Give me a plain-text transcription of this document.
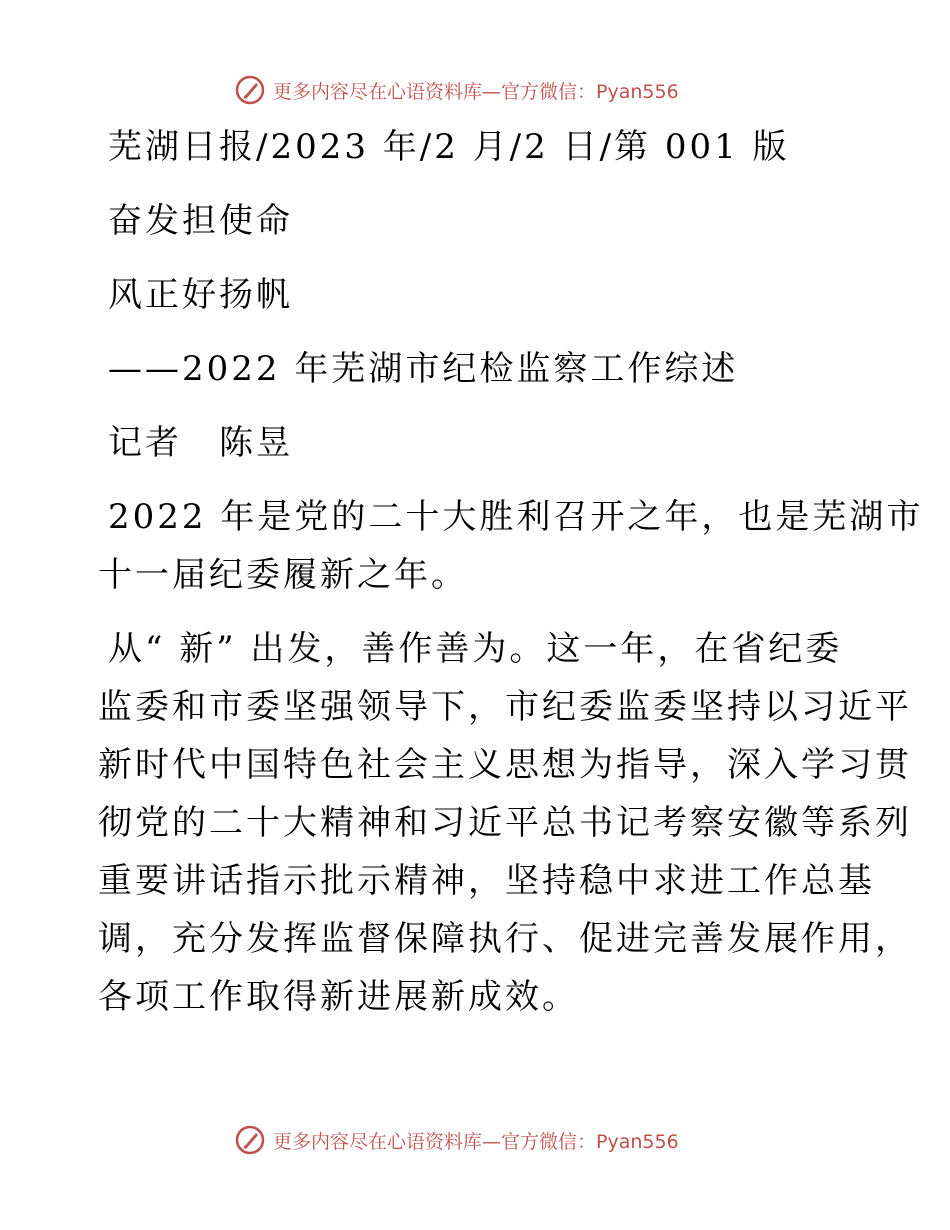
更多内容尽在心语资料库—官方微信：Pyan556
芜湖日报/2023 年/2 月/2 日/第 001 版
奋发担使命
风正好扬帆
——2022 年芜湖市纪检监察工作综述
记者　陈昱
2022 年是党的二十大胜利召开之年，也是芜湖市
十一届纪委履新之年。
从“ 新” 出发，善作善为。这一年，在省纪委
监委和市委坚强领导下，市纪委监委坚持以习近平
新时代中国特色社会主义思想为指导，深入学习贯
彻党的二十大精神和习近平总书记考察安徽等系列
重要讲话指示批示精神，坚持稳中求进工作总基
调，充分发挥监督保障执行、促进完善发展作用，
各项工作取得新进展新成效。
更多内容尽在心语资料库—官方微信：Pyan556
